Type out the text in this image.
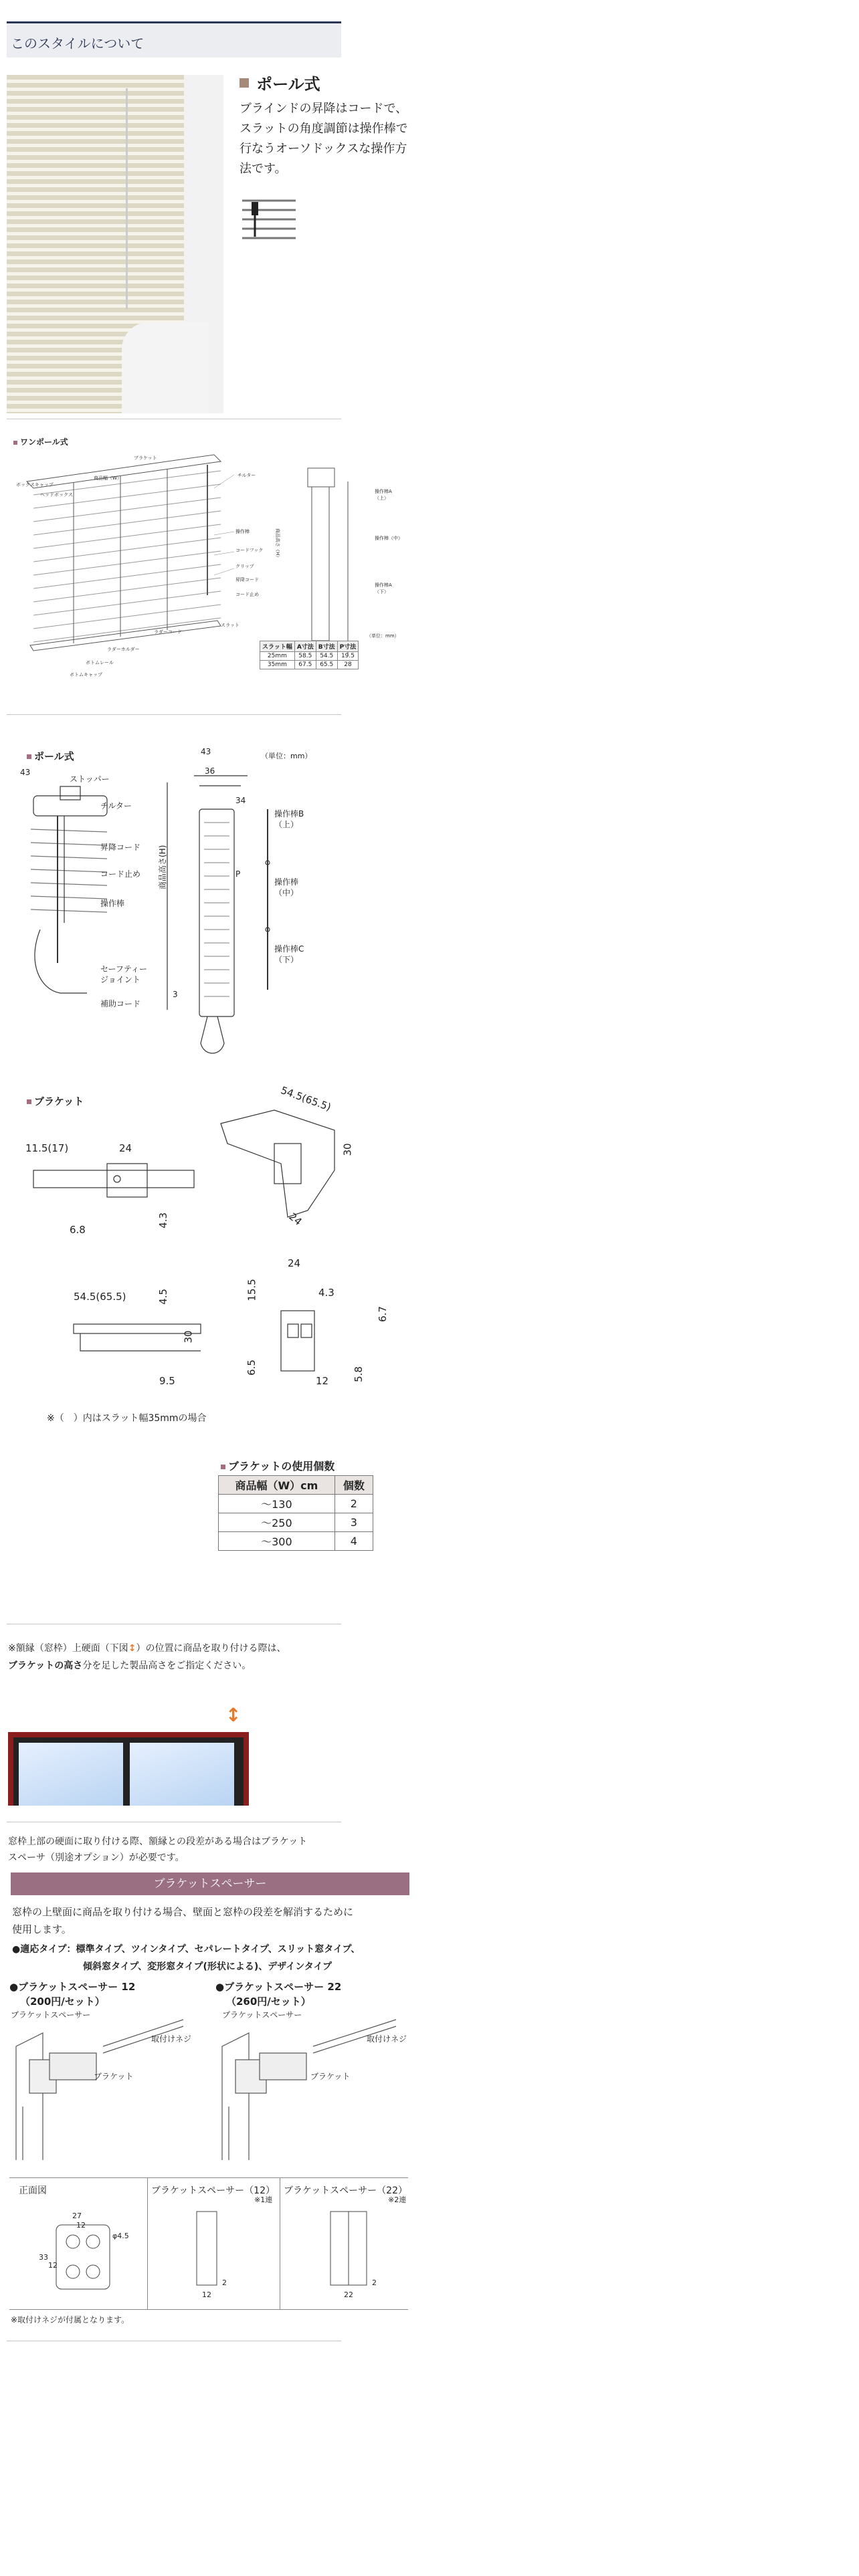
このスタイルについて
ポール式
ブラインドの昇降はコードで、スラットの角度調節は操作棒で行なうオーソドックスな操作方法です。
ワンポール式
ボックスキャップ
ヘッドボックス
商品幅（W）
ブラケット
チルター
操作棒
コードフック
クリップ
昇降コード
コード止め
スラット
ラダーコード
ラダーホルダー
ボトムレール
ボトムキャップ
商品高さ（H）
操作棒A（上）
操作棒（中）
操作棒A（下）
（単位：mm）
スラット幅	A寸法	B寸法	P寸法
25mm	58.5	54.5	19.5
35mm	67.5	65.5	28
ポール式	（単位：mm）
43
43
36
34
P
3
ストッパー
チルター
昇降コード
コード止め
操作棒
セーフティー
ジョイント
補助コード
商品高さ(H)
操作棒B
（上）
操作棒
（中）
操作棒C
（下）
ブラケット
11.5(17)	24
6.8
4.3
54.5(65.5)
30
24
54.5(65.5)	4.5
30
9.5
24
4.3
15.5
6.7
6.5
12 5.8
※（　）内はスラット幅35mmの場合
ブラケットの使用個数
商品幅（W）cm	個数
～130	2
～250	3
～300	4
※額縁（窓枠）上硬面（下図↕）の位置に商品を取り付ける際は、
ブラケットの高さ分を足した製品高さをご指定ください。
↕
窓枠上部の硬面に取り付ける際、額縁との段差がある場合はブラケット
スペーサ（別途オプション）が必要です。
ブラケットスペーサー
窓枠の上壁面に商品を取り付ける場合、壁面と窓枠の段差を解消するために
使用します。
●適応タイプ：標準タイプ、ツインタイプ、セパレートタイプ、スリット窓タイプ、
傾斜窓タイプ、変形窓タイプ(形状による)、デザインタイプ
●ブラケットスペーサー 12
（200円/セット）
●ブラケットスペーサー 22
（260円/セット）
ブラケットスペーサー
取付けネジ
ブラケット
ブラケットスペーサー
取付けネジ
ブラケット
正面図	ブラケットスペーサー（12）
※1連
ブラケットスペーサー（22）
※2連
27
12
φ4.5
33
12
2
12
2
22
※取付けネジが付属となります。
